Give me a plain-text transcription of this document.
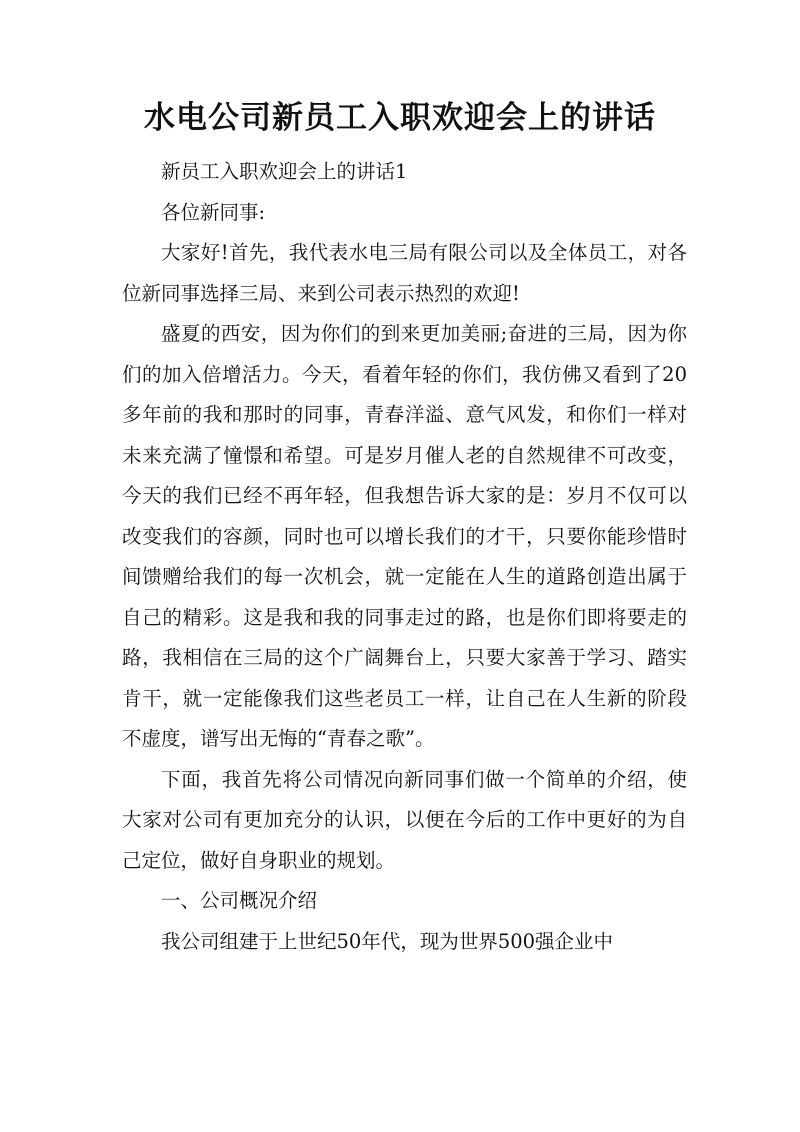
水电公司新员工入职欢迎会上的讲话

新员工入职欢迎会上的讲话1

各位新同事:

大家好!首先，我代表水电三局有限公司以及全体员工，对各位新同事选择三局、来到公司表示热烈的欢迎!

盛夏的西安，因为你们的到来更加美丽;奋进的三局，因为你们的加入倍增活力。今天，看着年轻的你们，我仿佛又看到了20多年前的我和那时的同事，青春洋溢、意气风发，和你们一样对未来充满了憧憬和希望。可是岁月催人老的自然规律不可改变，今天的我们已经不再年轻，但我想告诉大家的是：岁月不仅可以改变我们的容颜，同时也可以增长我们的才干，只要你能珍惜时间馈赠给我们的每一次机会，就一定能在人生的道路创造出属于自己的精彩。这是我和我的同事走过的路，也是你们即将要走的路，我相信在三局的这个广阔舞台上，只要大家善于学习、踏实肯干，就一定能像我们这些老员工一样，让自己在人生新的阶段不虚度，谱写出无悔的“青春之歌”。

下面，我首先将公司情况向新同事们做一个简单的介绍，使大家对公司有更加充分的认识，以便在今后的工作中更好的为自己定位，做好自身职业的规划。

一、公司概况介绍

我公司组建于上世纪50年代，现为世界500强企业中
